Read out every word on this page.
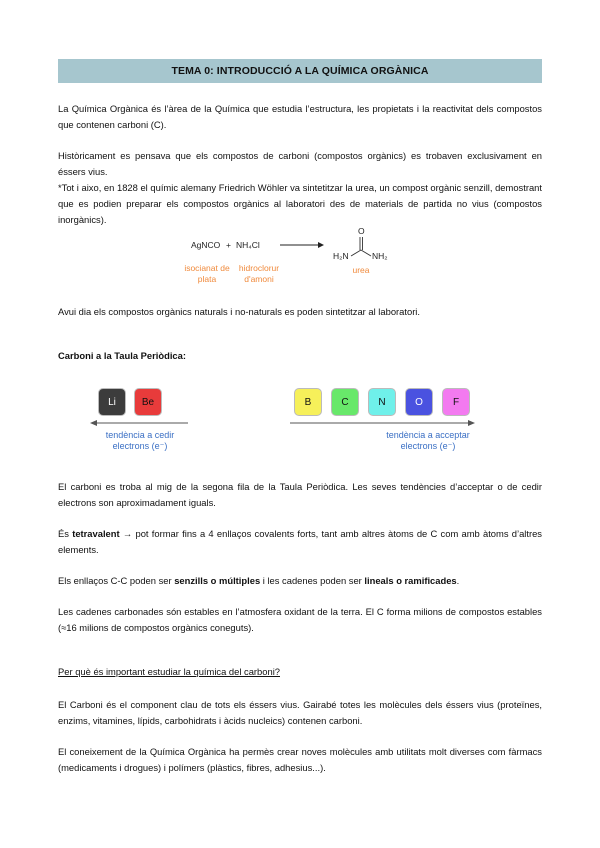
TEMA 0: INTRODUCCIÓ A LA QUÍMICA ORGÀNICA

La Química Orgànica és l’àrea de la Química que estudia l’estructura, les propietats i la reactivitat dels compostos que contenen carboni (C).

Històricament es pensava que els compostos de carboni (compostos orgànics) es trobaven exclusivament en éssers vius.

*Tot i aixo, en 1828 el químic alemany Friedrich Wöhler va sintetitzar la urea, un compost orgànic senzill, demostrant que es podien preparar els compostos orgànics al laboratori des de materials de partida no vius (compostos inorgànics).

AgNCO + NH₄Cl
O
H₂N	NH₂
isocianat de plata
hidroclorur d'amoni
urea

Avui dia els compostos orgànics naturals i no-naturals es poden sintetitzar al laboratori.

Carboni a la Taula Periòdica:
Li	Be	B	C	N	O	F
tendència a cedir
electrons (e⁻)
tendència a acceptar
electrons (e⁻)

El carboni es troba al mig de la segona fila de la Taula Periòdica. Les seves tendències d’acceptar o de cedir electrons son aproximadament iguals.

És tetravalent → pot formar fins a 4 enllaços covalents forts, tant amb altres àtoms de C com amb àtoms d’altres elements.

Els enllaços C-C poden ser senzills o múltiples i les cadenes poden ser lineals o ramificades.

Les cadenes carbonades són estables en l’atmosfera oxidant de la terra. El C forma milions de compostos estables (≈16 milions de compostos orgànics coneguts).

Per què és important estudiar la química del carboni?

El Carboni és el component clau de tots els éssers vius. Gairabé totes les molècules dels éssers vius (proteïnes, enzims, vitamines, lípids, carbohidrats i àcids nucleics) contenen carboni.

El coneixement de la Química Orgànica ha permès crear noves molècules amb utilitats molt diverses com fàrmacs (medicaments i drogues) i polímers (plàstics, fibres, adhesius...).
